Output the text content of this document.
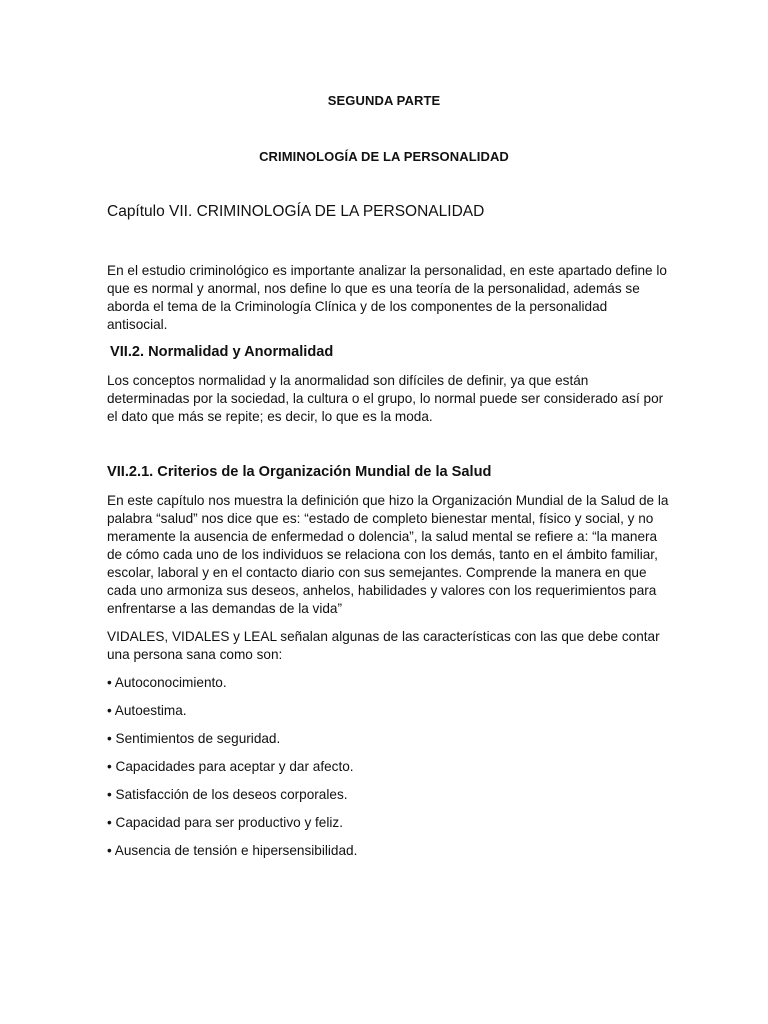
SEGUNDA PARTE
CRIMINOLOGÍA DE LA PERSONALIDAD
Capítulo VII. CRIMINOLOGÍA DE LA PERSONALIDAD

En el estudio criminológico es importante analizar la personalidad, en este apartado define lo que es normal y anormal, nos define lo que es una teoría de la personalidad, además se aborda el tema de la Criminología Clínica y de los componentes de la personalidad antisocial.

VII.2. Normalidad y Anormalidad

Los conceptos normalidad y la anormalidad son difíciles de definir, ya que están determinadas por la sociedad, la cultura o el grupo, lo normal puede ser considerado así por el dato que más se repite; es decir, lo que es la moda.

VII.2.1. Criterios de la Organización Mundial de la Salud

En este capítulo nos muestra la definición que hizo la Organización Mundial de la Salud de la palabra “salud” nos dice que es: “estado de completo bienestar mental, físico y social, y no meramente la ausencia de enfermedad o dolencia”, la salud mental se refiere a: “la manera de cómo cada uno de los individuos se relaciona con los demás, tanto en el ámbito familiar, escolar, laboral y en el contacto diario con sus semejantes. Comprende la manera en que cada uno armoniza sus deseos, anhelos, habilidades y valores con los requerimientos para enfrentarse a las demandas de la vida”

VIDALES, VIDALES y LEAL señalan algunas de las características con las que debe contar una persona sana como son:

• Autoconocimiento.
• Autoestima.
• Sentimientos de seguridad.
• Capacidades para aceptar y dar afecto.
• Satisfacción de los deseos corporales.
• Capacidad para ser productivo y feliz.
• Ausencia de tensión e hipersensibilidad.
